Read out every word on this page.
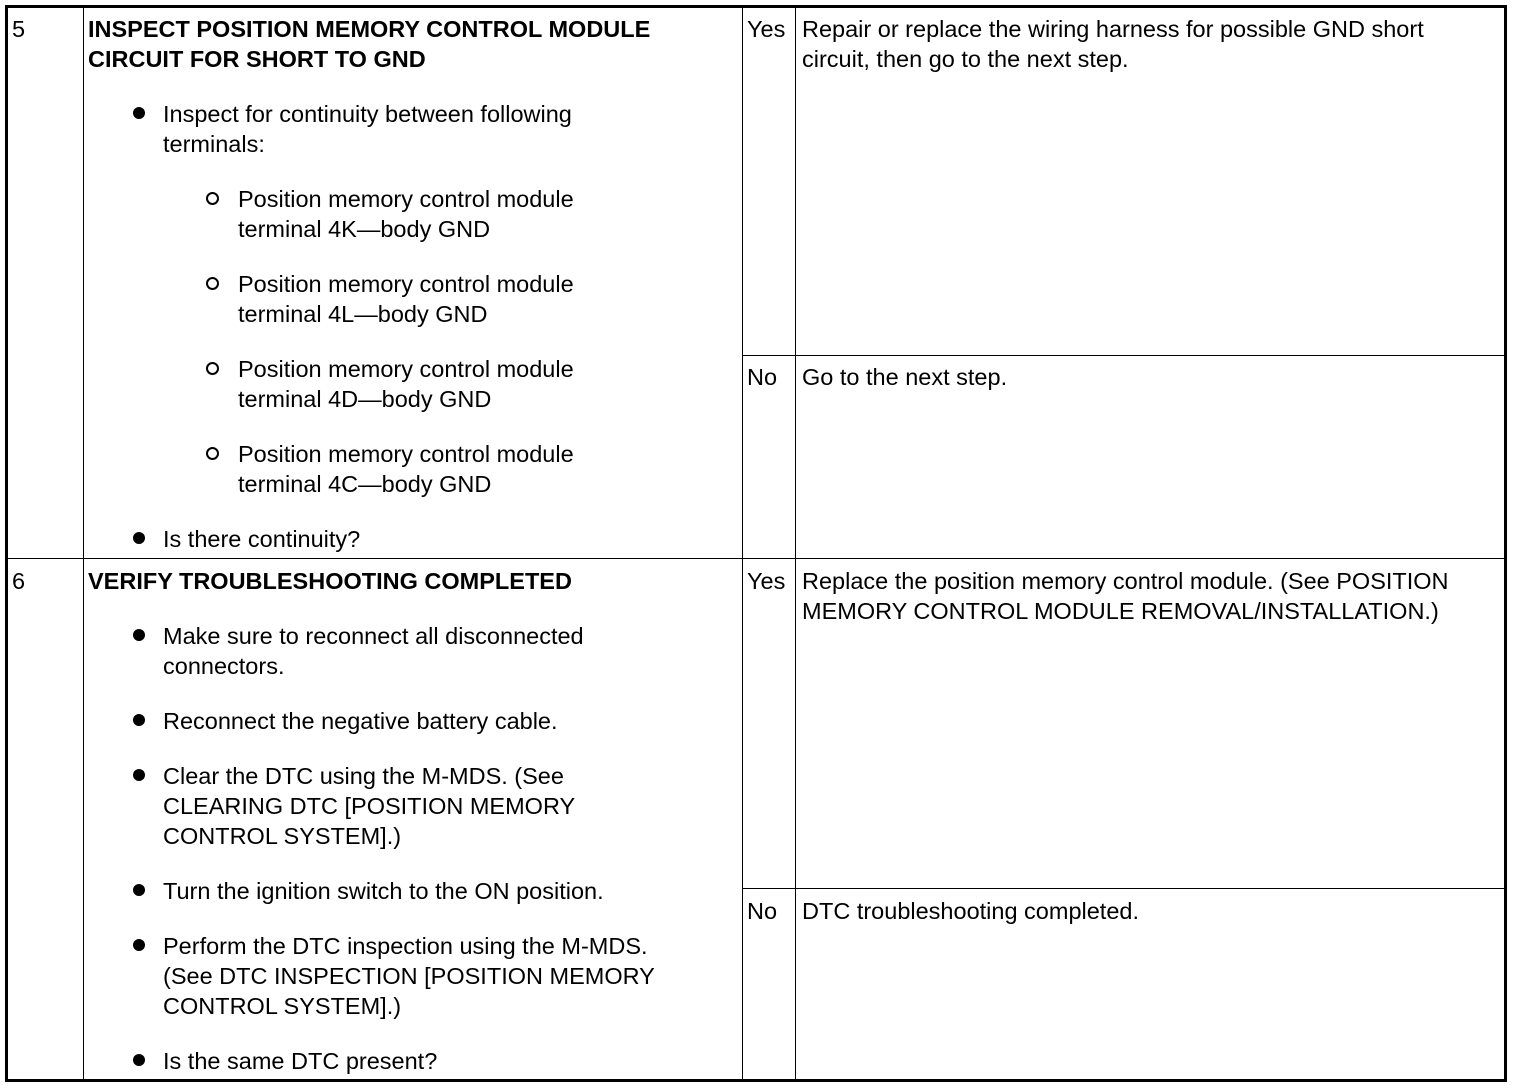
5	INSPECT POSITION MEMORY CONTROL MODULE
CIRCUIT FOR SHORT TO GND
Inspect for continuity between following
terminals:
Position memory control module
terminal 4K—body GND
Position memory control module
terminal 4L—body GND
Position memory control module
terminal 4D—body GND
Position memory control module
terminal 4C—body GND
Is there continuity?
Yes Repair or replace the wiring harness for possible GND short
circuit, then go to the next step.
No Go to the next step.
6	VERIFY TROUBLESHOOTING COMPLETED
Make sure to reconnect all disconnected
connectors.
Reconnect the negative battery cable.
Clear the DTC using the M-MDS. (See
CLEARING DTC [POSITION MEMORY
CONTROL SYSTEM].)
Turn the ignition switch to the ON position.
Perform the DTC inspection using the M-MDS.
(See DTC INSPECTION [POSITION MEMORY
CONTROL SYSTEM].)
Is the same DTC present?
Yes Replace the position memory control module. (See POSITION
MEMORY CONTROL MODULE REMOVAL/INSTALLATION.)
No DTC troubleshooting completed.
